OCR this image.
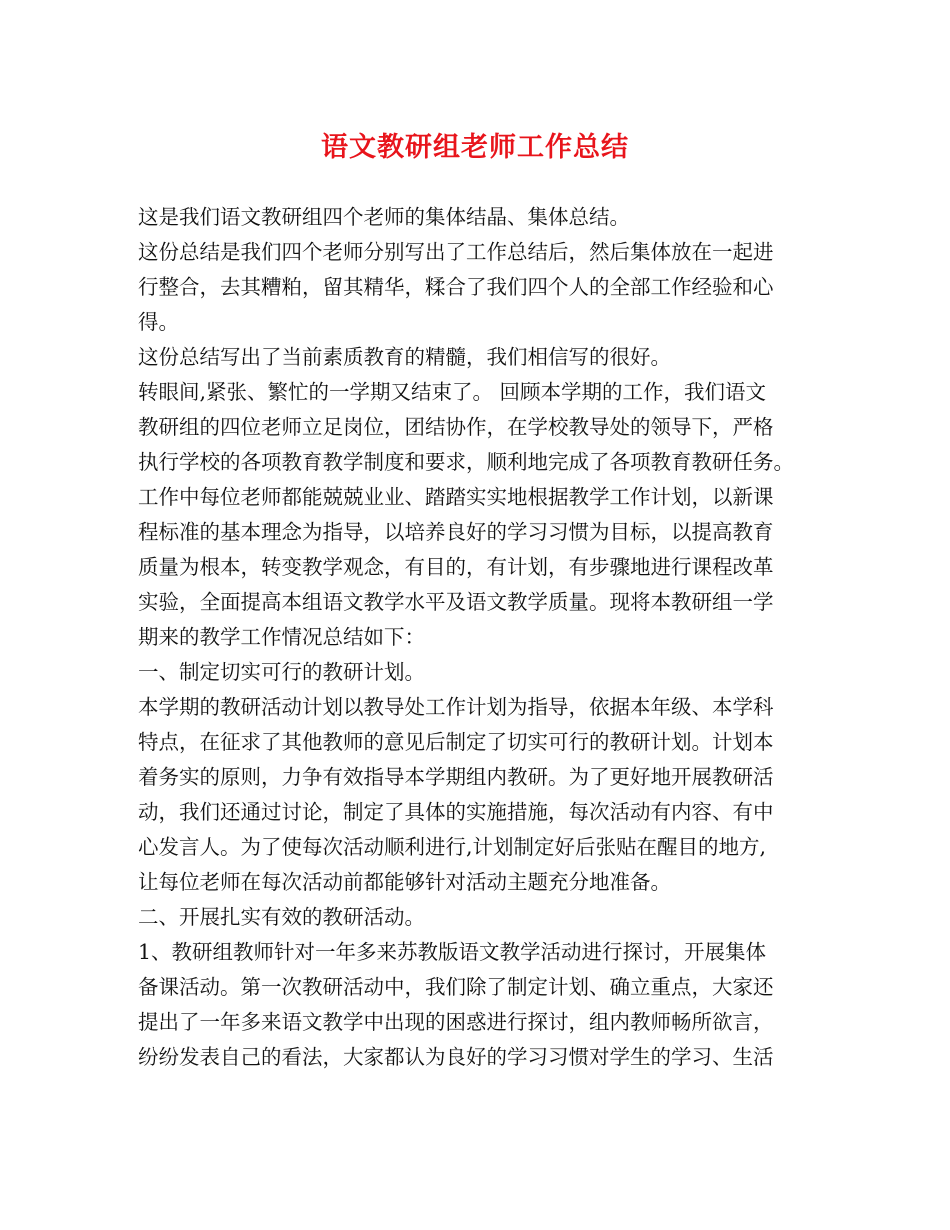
语文教研组老师工作总结
这是我们语文教研组四个老师的集体结晶、集体总结。
这份总结是我们四个老师分别写出了工作总结后，然后集体放在一起进
行整合，去其糟粕，留其精华，糅合了我们四个人的全部工作经验和心
得。
这份总结写出了当前素质教育的精髓，我们相信写的很好。
转眼间,紧张、繁忙的一学期又结束了。 回顾本学期的工作，我们语文
教研组的四位老师立足岗位，团结协作，在学校教导处的领导下，严格
执行学校的各项教育教学制度和要求，顺利地完成了各项教育教研任务。
工作中每位老师都能兢兢业业、踏踏实实地根据教学工作计划，以新课
程标准的基本理念为指导，以培养良好的学习习惯为目标，以提高教育
质量为根本，转变教学观念，有目的，有计划，有步骤地进行课程改革
实验，全面提高本组语文教学水平及语文教学质量。现将本教研组一学
期来的教学工作情况总结如下：
一、制定切实可行的教研计划。
本学期的教研活动计划以教导处工作计划为指导，依据本年级、本学科
特点，在征求了其他教师的意见后制定了切实可行的教研计划。计划本
着务实的原则，力争有效指导本学期组内教研。为了更好地开展教研活
动，我们还通过讨论，制定了具体的实施措施，每次活动有内容、有中
心发言人。为了使每次活动顺利进行,计划制定好后张贴在醒目的地方,
让每位老师在每次活动前都能够针对活动主题充分地准备。
二、开展扎实有效的教研活动。
1、教研组教师针对一年多来苏教版语文教学活动进行探讨，开展集体
备课活动。第一次教研活动中，我们除了制定计划、确立重点，大家还
提出了一年多来语文教学中出现的困惑进行探讨，组内教师畅所欲言，
纷纷发表自己的看法，大家都认为良好的学习习惯对学生的学习、生活
